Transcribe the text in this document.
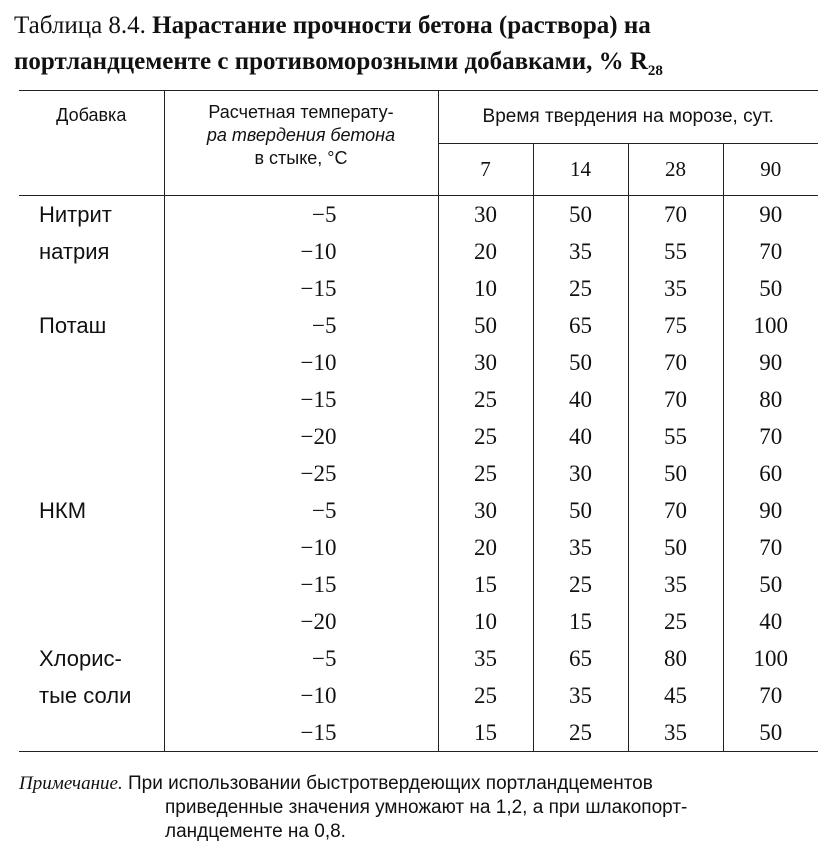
Таблица 8.4. Нарастание прочности бетона (раствора) на портландцементе с противоморозными добавками, % $R_{28}$
Добавка	Расчетная температу-
ра твердения бетона
в стыке, °С	Время твердения на морозе, сут.			
		7	14	28	90
Нитрит	−5	30	50	70	90
натрия	−10	20	35	55	70
	−15	10	25	35	50
Поташ	−5	50	65	75	100
	−10	30	50	70	90
	−15	25	40	70	80
	−20	25	40	55	70
	−25	25	30	50	60
НКМ	−5	30	50	70	90
	−10	20	35	50	70
	−15	15	25	35	50
	−20	10	15	25	40
Хлорис-	−5	35	65	80	100
тые соли	−10	25	35	45	70
	−15	15	25	35	50
Примечание. При использовании быстротвердеющих портландцементов
приведенные значения умножают на 1,2, а при шлакопорт-
ландцементе на 0,8.
